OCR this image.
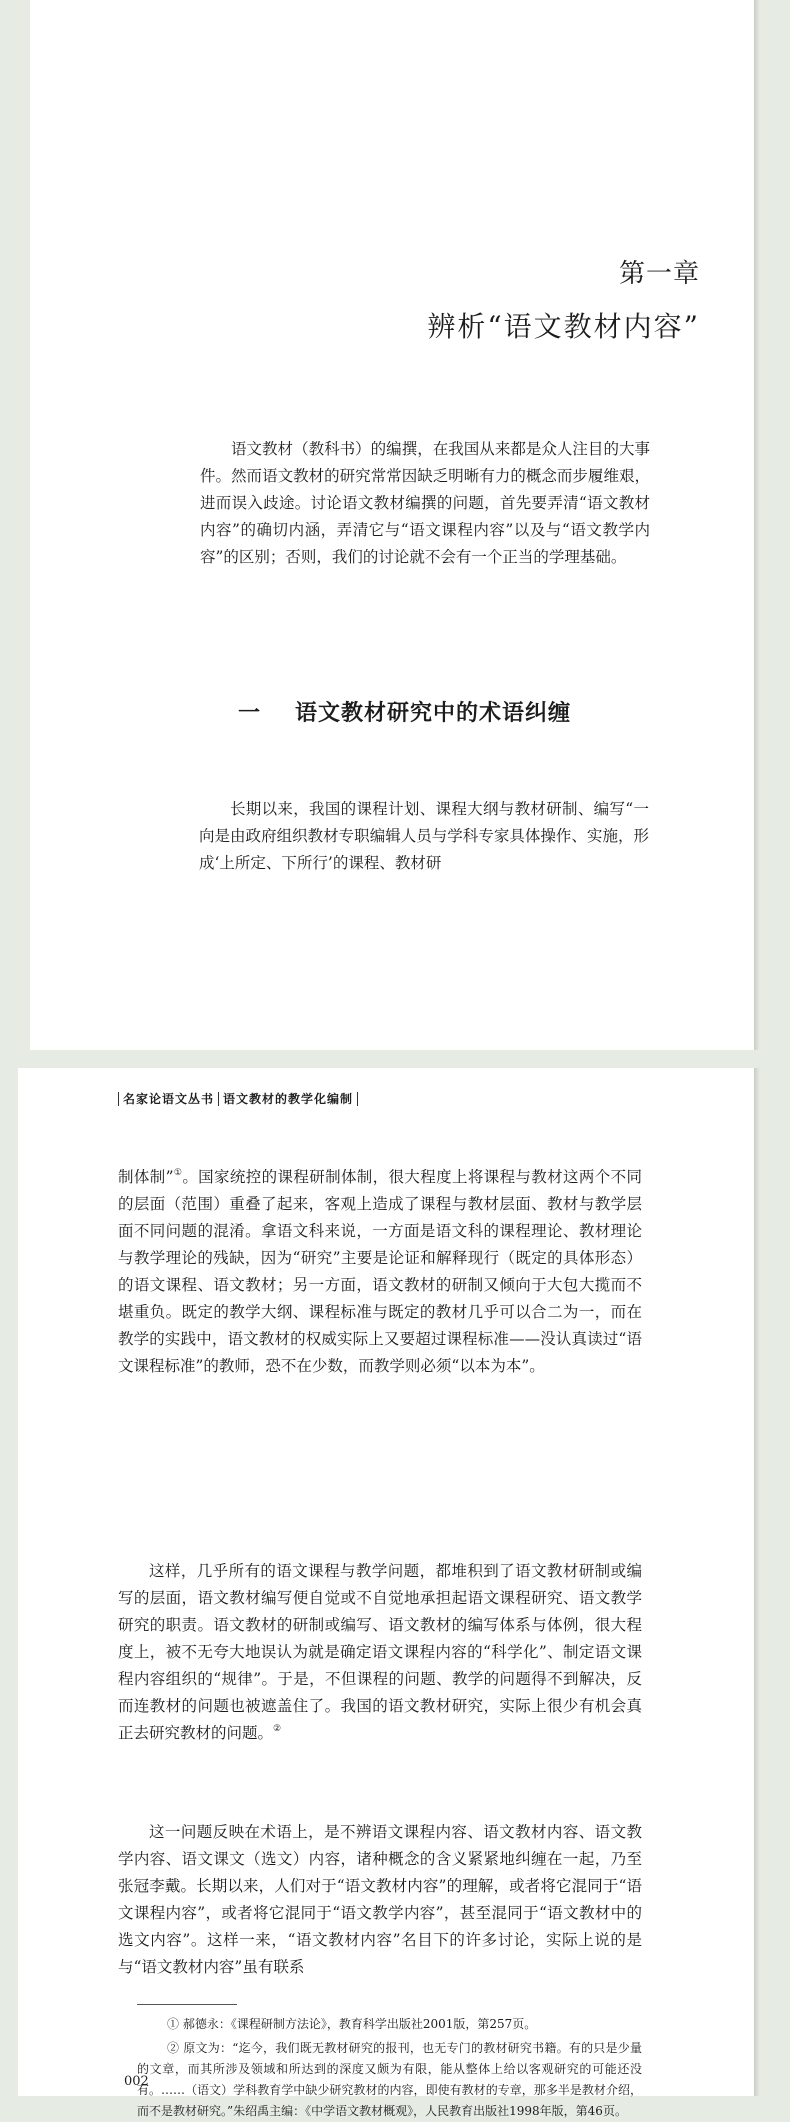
第一章
辨析“语文教材内容”

语文教材（教科书）的编撰，在我国从来都是众人注目的大事件。然而语文教材的研究常常因缺乏明晰有力的概念而步履维艰，进而误入歧途。讨论语文教材编撰的问题，首先要弄清“语文教材内容”的确切内涵，弄清它与“语文课程内容”以及与“语文教学内容”的区别；否则，我们的讨论就不会有一个正当的学理基础。

一 语文教材研究中的术语纠缠

长期以来，我国的课程计划、课程大纲与教材研制、编写“一向是由政府组织教材专职编辑人员与学科专家具体操作、实施，形成‘上所定、下所行’的课程、教材研

名家论语文丛书 语文教材的教学化编制

制体制”①。国家统控的课程研制体制，很大程度上将课程与教材这两个不同的层面（范围）重叠了起来，客观上造成了课程与教材层面、教材与教学层面不同问题的混淆。拿语文科来说，一方面是语文科的课程理论、教材理论与教学理论的残缺，因为“研究”主要是论证和解释现行（既定的具体形态）的语文课程、语文教材；另一方面，语文教材的研制又倾向于大包大揽而不堪重负。既定的教学大纲、课程标准与既定的教材几乎可以合二为一，而在教学的实践中，语文教材的权威实际上又要超过课程标准——没认真读过“语文课程标准”的教师，恐不在少数，而教学则必须“以本为本”。

这样，几乎所有的语文课程与教学问题，都堆积到了语文教材研制或编写的层面，语文教材编写便自觉或不自觉地承担起语文课程研究、语文教学研究的职责。语文教材的研制或编写、语文教材的编写体系与体例，很大程度上，被不无夸大地误认为就是确定语文课程内容的“科学化”、制定语文课程内容组织的“规律”。于是，不但课程的问题、教学的问题得不到解决，反而连教材的问题也被遮盖住了。我国的语文教材研究，实际上很少有机会真正去研究教材的问题。②

这一问题反映在术语上，是不辨语文课程内容、语文教材内容、语文教学内容、语文课文（选文）内容，诸种概念的含义紧紧地纠缠在一起，乃至张冠李戴。长期以来，人们对于“语文教材内容”的理解，或者将它混同于“语文课程内容”，或者将它混同于“语文教学内容”，甚至混同于“语文教材中的选文内容”。这样一来，“语文教材内容”名目下的许多讨论，实际上说的是与“语文教材内容”虽有联系

① 郝德永：《课程研制方法论》，教育科学出版社2001版，第257页。

② 原文为：“迄今，我们既无教材研究的报刊，也无专门的教材研究书籍。有的只是少量的文章，而其所涉及领域和所达到的深度又颇为有限，能从整体上给以客观研究的可能还没有。……（语文）学科教育学中缺少研究教材的内容，即使有教材的专章，那多半是教材介绍，而不是教材研究。”朱绍禹主编：《中学语文教材概观》，人民教育出版社1998年版，第46页。

002
